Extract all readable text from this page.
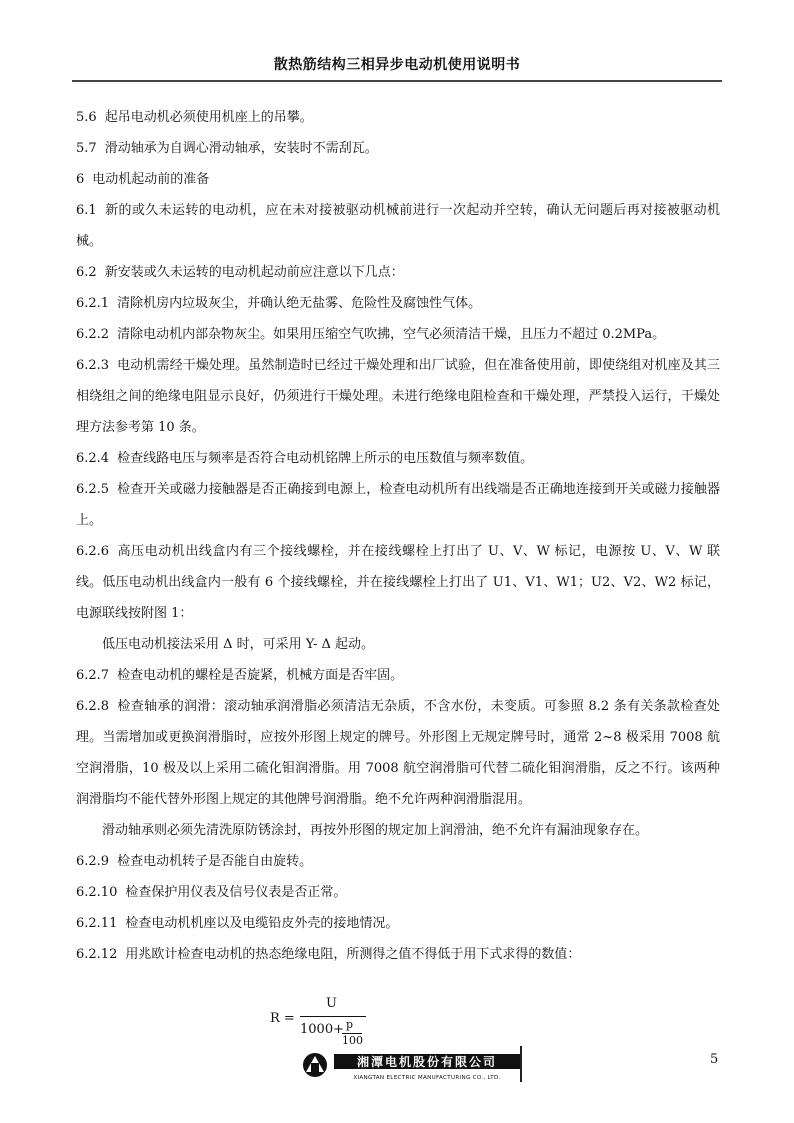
散热筋结构三相异步电动机使用说明书

5.6 起吊电动机必须使用机座上的吊攀。

5.7 滑动轴承为自调心滑动轴承，安装时不需刮瓦。

6 电动机起动前的准备

6.1 新的或久未运转的电动机，应在未对接被驱动机械前进行一次起动并空转，确认无问题后再对接被驱动机械。

6.2 新安装或久未运转的电动机起动前应注意以下几点：

6.2.1 清除机房内垃圾灰尘，并确认绝无盐雾、危险性及腐蚀性气体。

6.2.2 清除电动机内部杂物灰尘。如果用压缩空气吹拂，空气必须清洁干燥，且压力不超过 0.2MPa。

6.2.3 电动机需经干燥处理。虽然制造时已经过干燥处理和出厂试验，但在准备使用前，即使绕组对机座及其三相绕组之间的绝缘电阻显示良好，仍须进行干燥处理。未进行绝缘电阻检查和干燥处理，严禁投入运行，干燥处理方法参考第 10 条。

6.2.4 检查线路电压与频率是否符合电动机铭牌上所示的电压数值与频率数值。

6.2.5 检查开关或磁力接触器是否正确接到电源上，检查电动机所有出线端是否正确地连接到开关或磁力接触器上。

6.2.6 高压电动机出线盒内有三个接线螺栓，并在接线螺栓上打出了 U、V、W 标记，电源按 U、V、W 联线。低压电动机出线盒内一般有 6 个接线螺栓，并在接线螺栓上打出了 U1、V1、W1；U2、V2、W2 标记，电源联线按附图 1：

低压电动机接法采用 Δ 时，可采用 Y- Δ 起动。

6.2.7 检查电动机的螺栓是否旋紧，机械方面是否牢固。

6.2.8 检查轴承的润滑：滚动轴承润滑脂必须清洁无杂质，不含水份，未变质。可参照 8.2 条有关条款检查处理。当需增加或更换润滑脂时，应按外形图上规定的牌号。外形图上无规定牌号时，通常 2~8 极采用 7008 航空润滑脂，10 极及以上采用二硫化钼润滑脂。用 7008 航空润滑脂可代替二硫化钼润滑脂，反之不行。该两种润滑脂均不能代替外形图上规定的其他牌号润滑脂。绝不允许两种润滑脂混用。

滑动轴承则必须先清洗原防锈涂封，再按外形图的规定加上润滑油，绝不允许有漏油现象存在。

6.2.9 检查电动机转子是否能自由旋转。

6.2.10 检查保护用仪表及信号仪表是否正常。

6.2.11 检查电动机机座以及电缆铅皮外壳的接地情况。

6.2.12 用兆欧计检查电动机的热态绝缘电阻，所测得之值不得低于用下式求得的数值：

R =
U
1000+ p
100
湘潭电机股份有限公司
XIANGTAN ELECTRIC MANUFACTURING CO., LTD.
5
